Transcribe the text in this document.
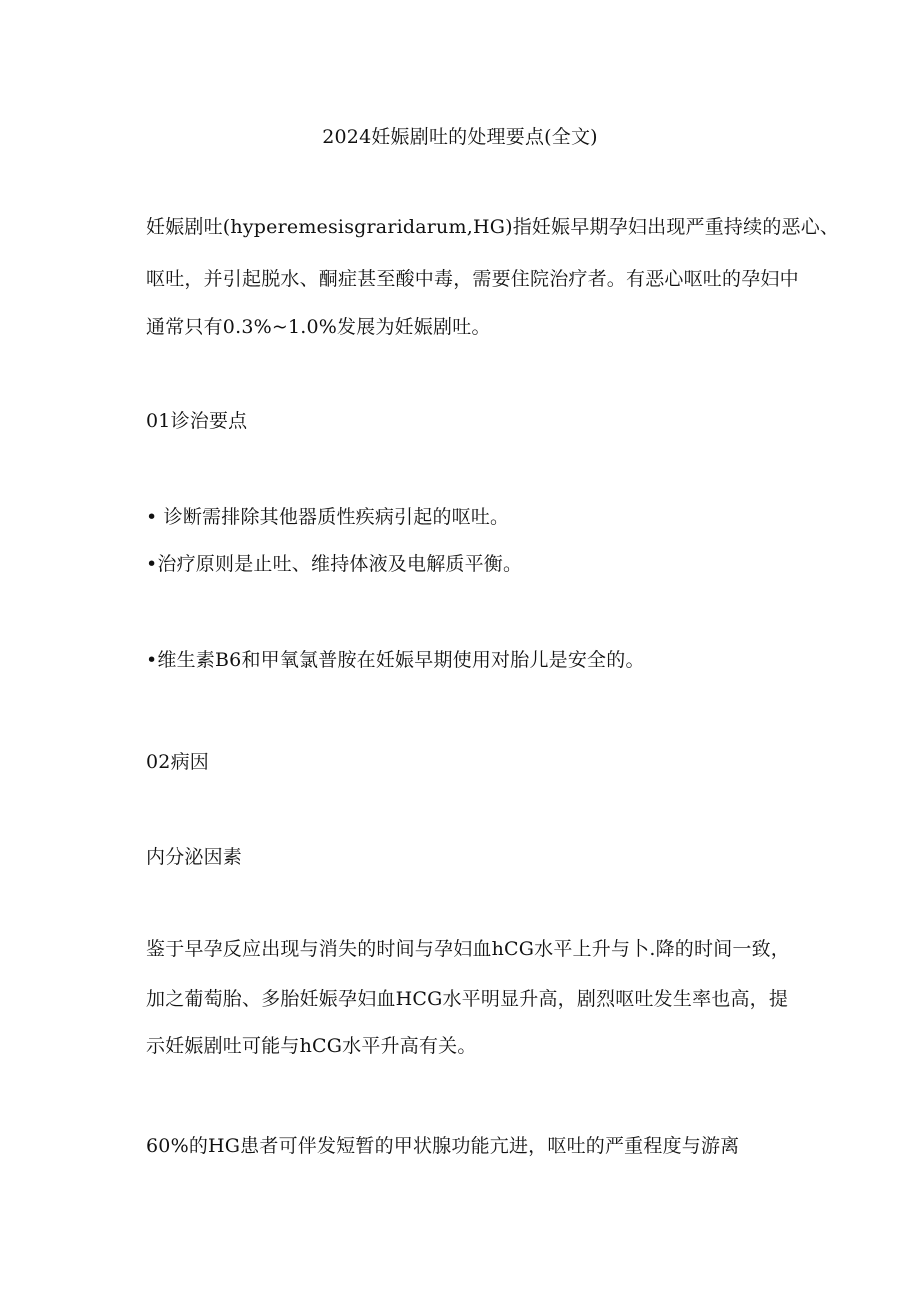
2024妊娠剧吐的处理要点(全文)
妊娠剧吐(hyperemesisgraridarum,HG)指妊娠早期孕妇出现严重持续的恶心、
呕吐，并引起脱水、酮症甚至酸中毒，需要住院治疗者。有恶心呕吐的孕妇中
通常只有0.3%~1.0%发展为妊娠剧吐。
01诊治要点
• 诊断需排除其他器质性疾病引起的呕吐。
•治疗原则是止吐、维持体液及电解质平衡。
•维生素B6和甲氧氯普胺在妊娠早期使用对胎儿是安全的。
02病因
内分泌因素
鉴于早孕反应出现与消失的时间与孕妇血hCG水平上升与卜.降的时间一致，
加之葡萄胎、多胎妊娠孕妇血HCG水平明显升高，剧烈呕吐发生率也高，提
示妊娠剧吐可能与hCG水平升高有关。
60%的HG患者可伴发短暂的甲状腺功能亢进，呕吐的严重程度与游离
